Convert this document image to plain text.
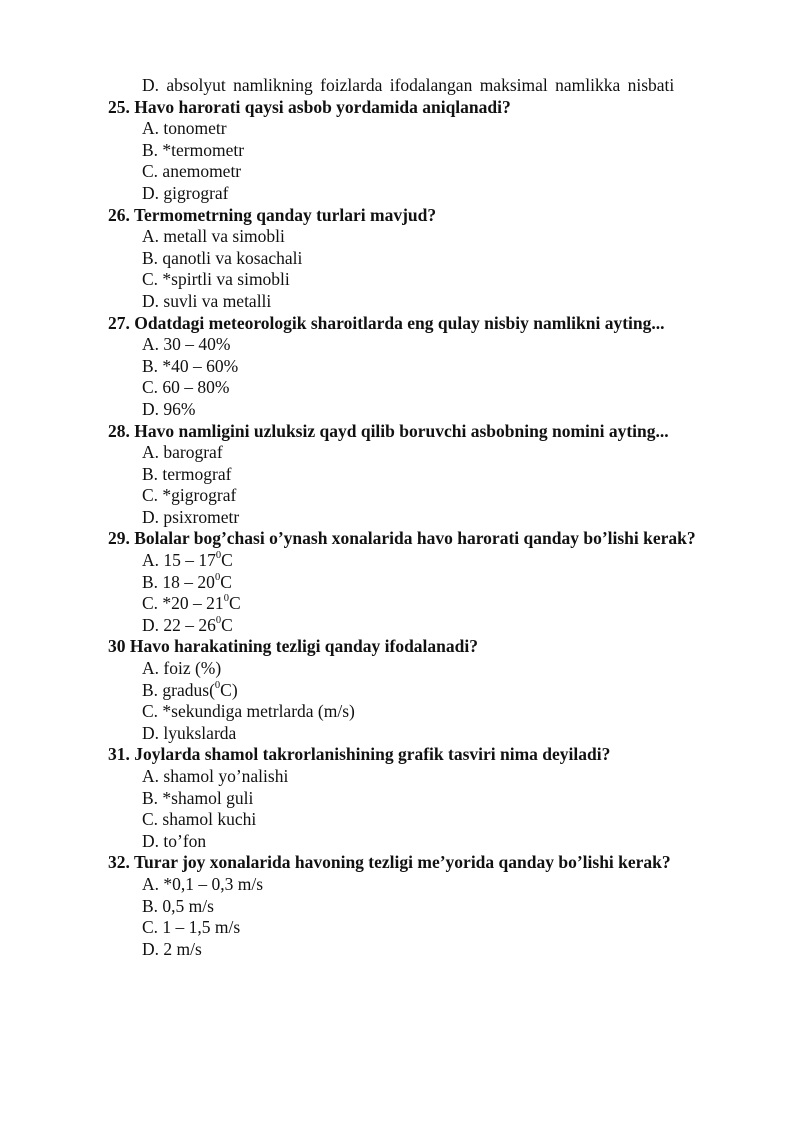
D. absolyut namlikning foizlarda ifodalangan maksimal namlikka nisbati
25. Havo harorati qaysi asbob yordamida aniqlanadi?
A. tonometr
B. *termometr
C. anemometr
D. gigrograf
26. Termometrning qanday turlari mavjud?
A. metall va simobli
B. qanotli va kosachali
C. *spirtli va simobli
D. suvli va metalli
27. Odatdagi meteorologik sharoitlarda eng qulay nisbiy namlikni ayting...
A. 30 – 40%
B. *40 – 60%
C. 60 – 80%
D. 96%
28. Havo namligini uzluksiz qayd qilib boruvchi asbobning nomini ayting...
A. barograf
B. termograf
C. *gigrograf
D. psixrometr
29. Bolalar bog’chasi o’ynash xonalarida havo harorati qanday bo’lishi kerak?
A. $15 - 17^0C$
B. $18 - 20^0C$
C. $*20 - 21^0C$
D. $22 - 26^0C$
30 Havo harakatining tezligi qanday ifodalanadi?
A. foiz (%)
B. gradus($^0$C)
C. *sekundiga metrlarda (m/s)
D. lyukslarda
31. Joylarda shamol takrorlanishining grafik tasviri nima deyiladi?
A. shamol yo’nalishi
B. *shamol guli
C. shamol kuchi
D. to’fon
32. Turar joy xonalarida havoning tezligi me’yorida qanday bo’lishi kerak?
A. *0,1 – 0,3 m/s
B. 0,5 m/s
C. 1 – 1,5 m/s
D. 2 m/s
